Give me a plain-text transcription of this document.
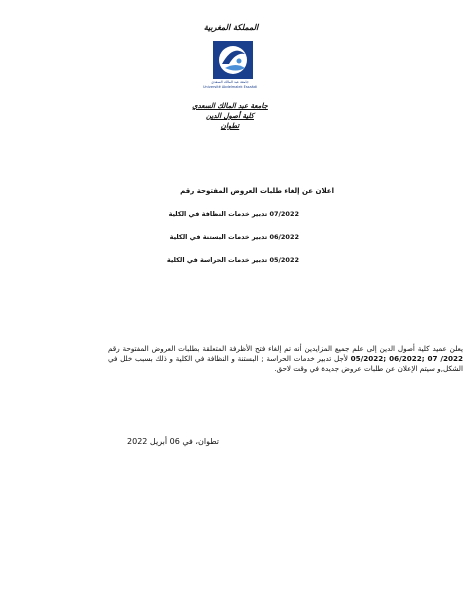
المملكة المغربية
جامعة عبد المالك السعدي
Université Abdelmalek Essaâdi
جامعة عبد المالك السعدي
كلية أصول الدين
تطوان
اعلان عن إلغاء طلبات العروض المفتوحة رقم
07/2022 تدبير خدمات النظافة في الكلية
06/2022 تدبير خدمات البستنة في الكلية
05/2022 تدبير خدمات الحراسة في الكلية
يعلن عميد كلية أصول الدين إلى علم جميع المزايدين أنه تم إلغاء فتح الأظرفة المتعلقة بطلبات العروض المفتوحة رقم 05/2022; 06/2022; 07 /2022 لأجل تدبير خدمات الحراسة ; البستنة و النظافة في الكلية و ذلك بسبب خلل في الشكل,و سيتم الإعلان عن طلبات عروض جديدة في وقت لاحق.
تطوان، في 06 أبريل 2022
